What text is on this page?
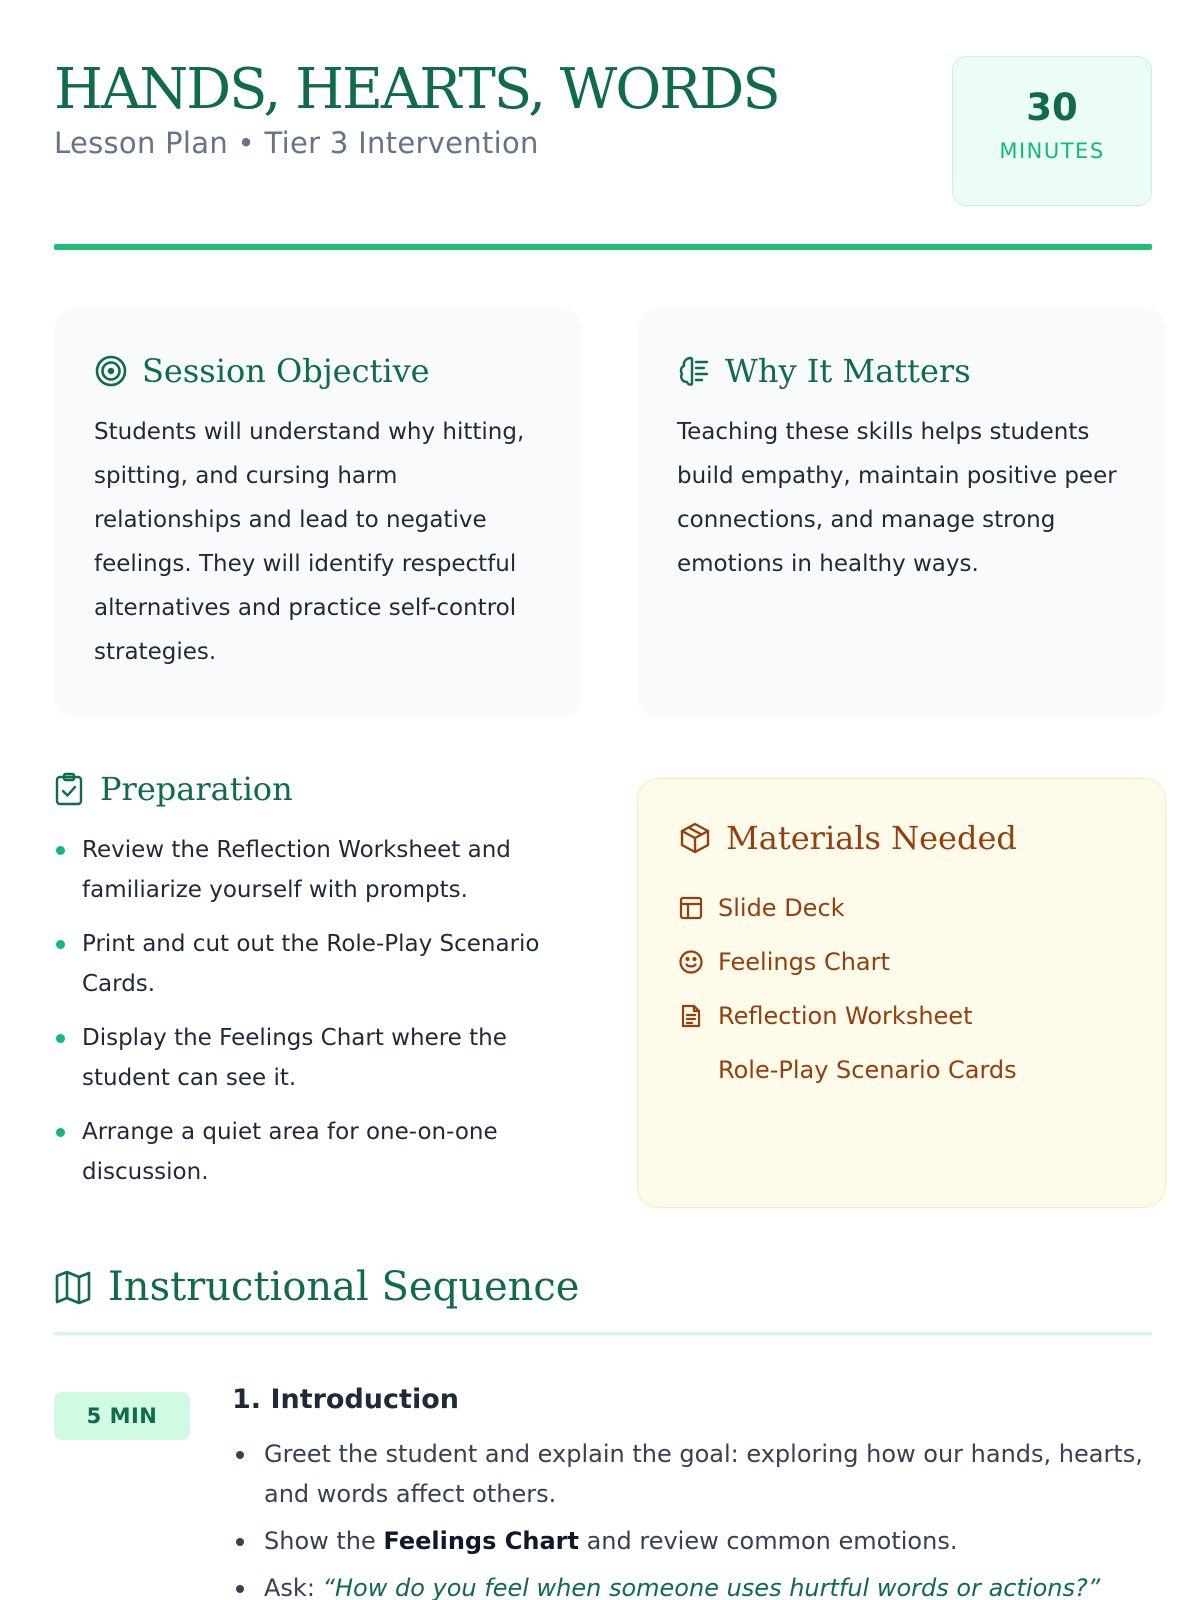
HANDS, HEARTS, WORDS
Lesson Plan • Tier 3 Intervention
30
MINUTES
Session Objective
Students will understand why hitting, spitting, and cursing harm relationships and lead to negative feelings. They will identify respectful alternatives and practice self-control strategies.
Why It Matters
Teaching these skills helps students build empathy, maintain positive peer connections, and manage strong emotions in healthy ways.
Preparation
Review the Reflection Worksheet and familiarize yourself with prompts.
Print and cut out the Role-Play Scenario Cards.
Display the Feelings Chart where the student can see it.
Arrange a quiet area for one-on-one discussion.
Materials Needed
Slide Deck
Feelings Chart
Reflection Worksheet
Role-Play Scenario Cards
Instructional Sequence
5 MIN
1. Introduction
Greet the student and explain the goal: exploring how our hands, hearts, and words affect others.
Show the Feelings Chart and review common emotions.
Ask: “How do you feel when someone uses hurtful words or actions?”
